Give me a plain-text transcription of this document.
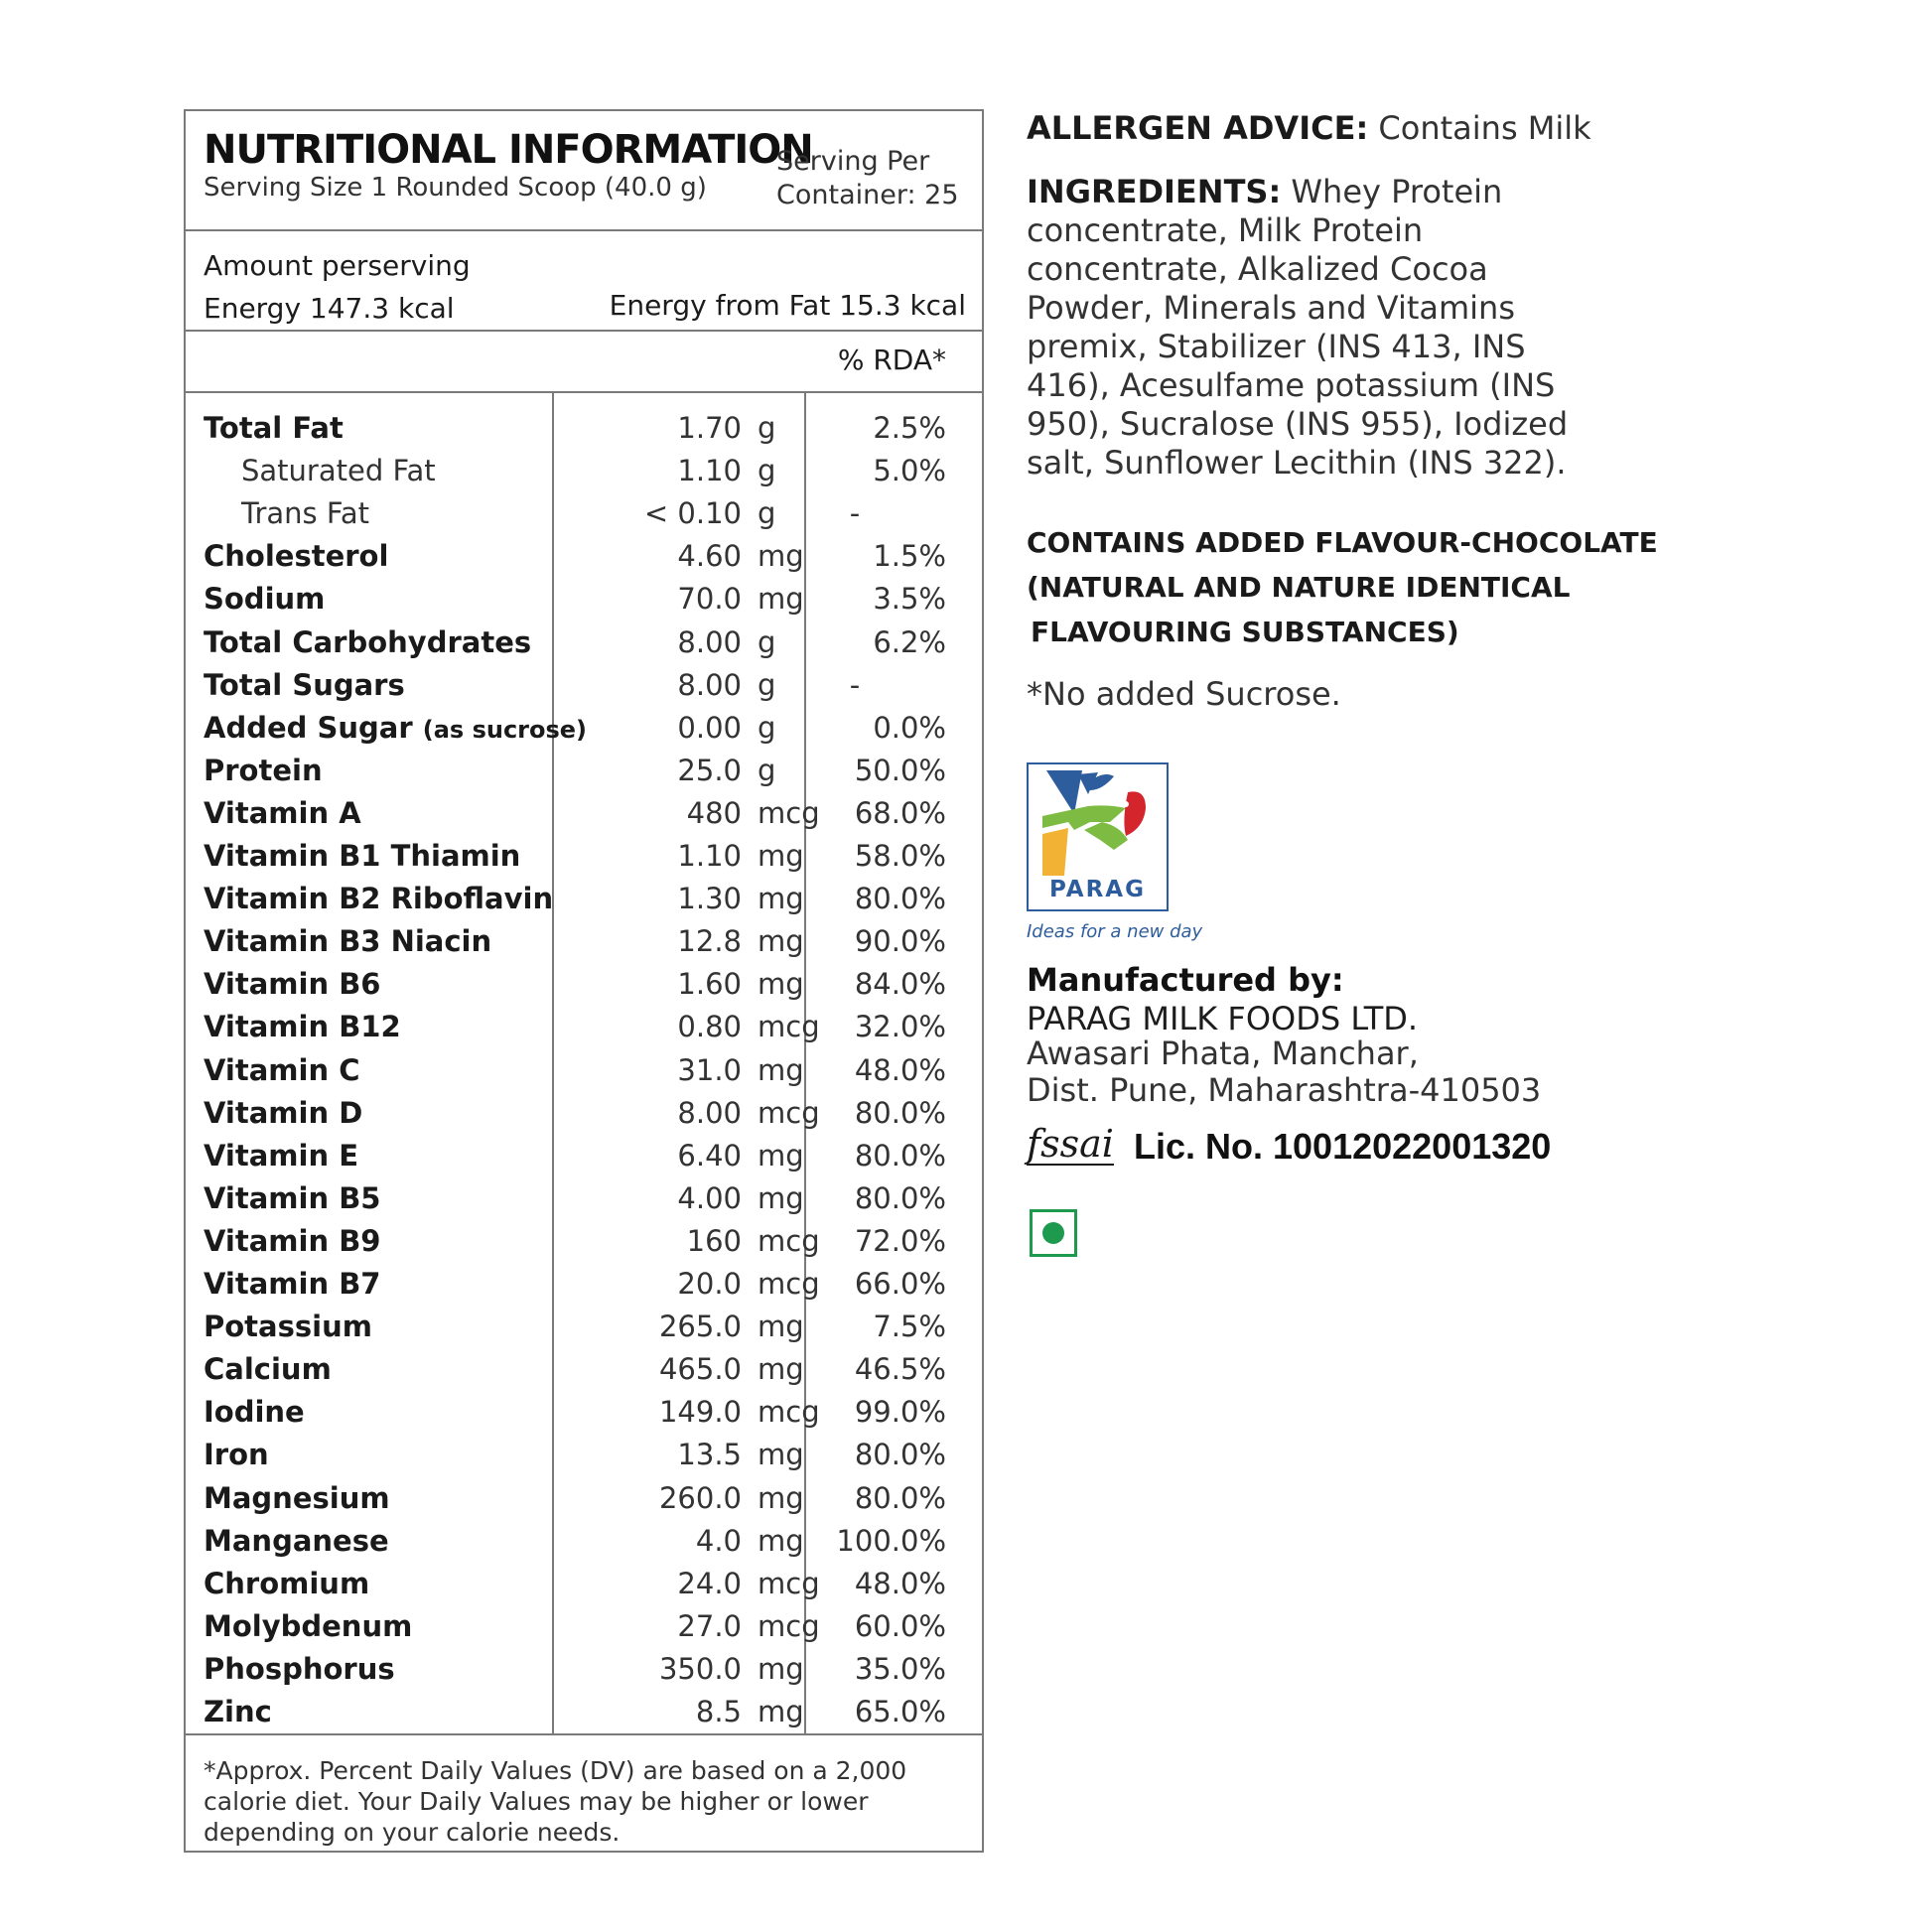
NUTRITIONAL INFORMATION
Serving Size 1 Rounded Scoop (40.0 g)
Serving Per
Container: 25
Amount perserving
Energy 147.3 kcal	Energy from Fat 15.3 kcal
% RDA*
Total Fat	1.70 g	2.5%
Saturated Fat	1.10 g	5.0%
Trans Fat	< 0.10 g	-
Cholesterol	4.60 mg	1.5%
Sodium	70.0 mg	3.5%
Total Carbohydrates	8.00 g	6.2%
Total Sugars	8.00 g	-
Added Sugar (as sucrose)	0.00 g	0.0%
Protein	25.0 g	50.0%
Vitamin A	480 mcg	68.0%
Vitamin B1 Thiamin	1.10 mg	58.0%
Vitamin B2 Riboflavin	1.30 mg	80.0%
Vitamin B3 Niacin	12.8 mg	90.0%
Vitamin B6	1.60 mg	84.0%
Vitamin B12	0.80 mcg	32.0%
Vitamin C	31.0 mg	48.0%
Vitamin D	8.00 mcg	80.0%
Vitamin E	6.40 mg	80.0%
Vitamin B5	4.00 mg	80.0%
Vitamin B9	160 mcg	72.0%
Vitamin B7	20.0 mcg	66.0%
Potassium	265.0 mg	7.5%
Calcium	465.0 mg	46.5%
Iodine	149.0 mcg	99.0%
Iron	13.5 mg	80.0%
Magnesium	260.0 mg	80.0%
Manganese	4.0 mg	100.0%
Chromium	24.0 mcg	48.0%
Molybdenum	27.0 mcg	60.0%
Phosphorus	350.0 mg	35.0%
Zinc	8.5 mg	65.0%
*Approx. Percent Daily Values (DV) are based on a 2,000 calorie diet. Your Daily Values may be higher or lower depending on your calorie needs.
ALLERGEN ADVICE: Contains Milk
INGREDIENTS: Whey Protein concentrate, Milk Protein concentrate, Alkalized Cocoa Powder, Minerals and Vitamins premix, Stabilizer (INS 413, INS 416), Acesulfame potassium (INS 950), Sucralose (INS 955), Iodized salt, Sunflower Lecithin (INS 322).
CONTAINS ADDED FLAVOUR-CHOCOLATE
(NATURAL AND NATURE IDENTICAL
FLAVOURING SUBSTANCES)
*No added Sucrose.
PARAG
Ideas for a new day
Manufactured by:
PARAG MILK FOODS LTD.
Awasari Phata, Manchar,
Dist. Pune, Maharashtra-410503
fssai Lic. No. 10012022001320
